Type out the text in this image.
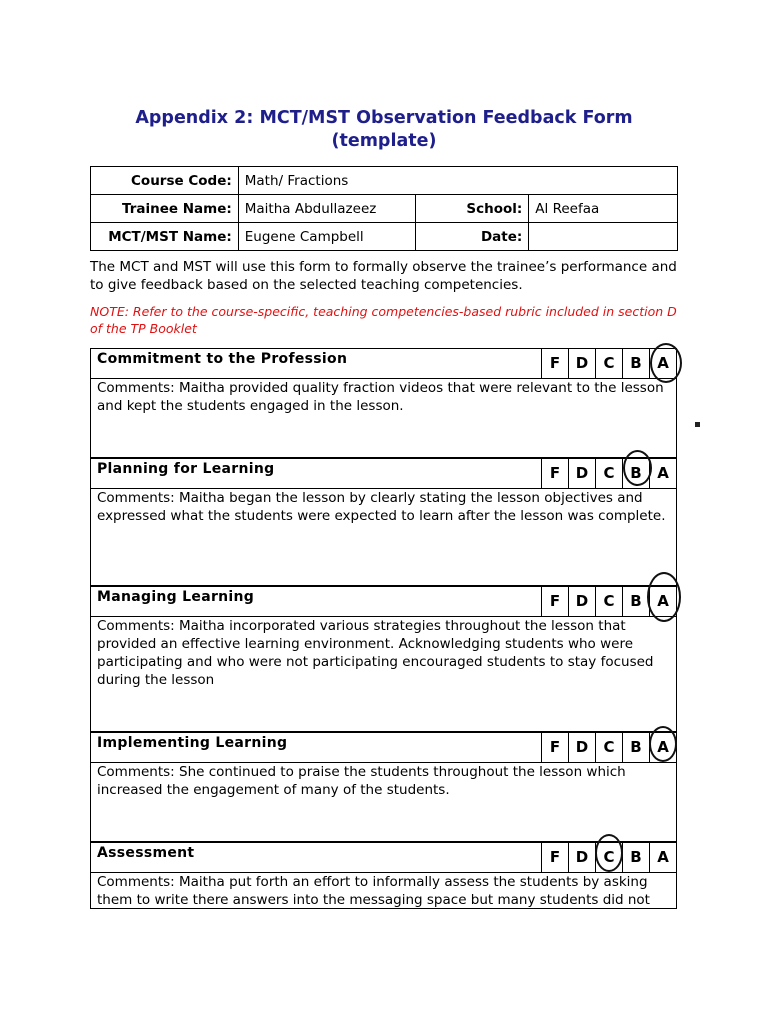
Appendix 2: MCT/MST Observation Feedback Form
(template)
Course Code:	Math/ Fractions		
Trainee Name:	Maitha Abdullazeez	School:	Al Reefaa
MCT/MST Name:	Eugene Campbell	Date:	
The MCT and MST will use this form to formally observe the trainee’s performance and to give feedback based on the selected teaching competencies.
NOTE: Refer to the course-specific, teaching competencies-based rubric included in section D of the TP Booklet
Commitment to the Profession	F	D	C	B	A
Comments: Maitha provided quality fraction videos that were relevant to the lesson and kept the students engaged in the lesson.
Planning for Learning	F	D	C	B	A
Comments: Maitha began the lesson by clearly stating the lesson objectives and expressed what the students were expected to learn after the lesson was complete.
Managing Learning	F	D	C	B	A
Comments: Maitha incorporated various strategies throughout the lesson that provided an effective learning environment. Acknowledging students who were participating and who were not participating encouraged students to stay focused during the lesson
Implementing Learning	F	D	C	B	A
Comments: She continued to praise the students throughout the lesson which increased the engagement of many of the students.
Assessment	F	D	C	B	A
Comments: Maitha put forth an effort to informally assess the students by asking them to write there answers into the messaging space but many students did not
